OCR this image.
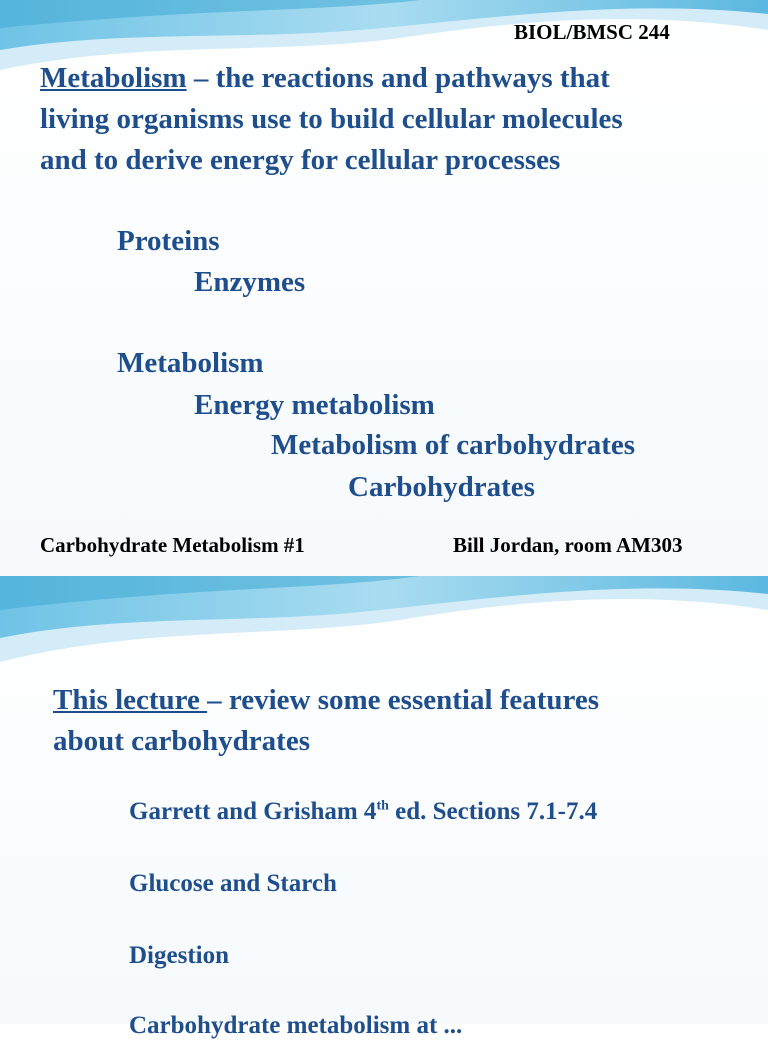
BIOL/BMSC 244
Metabolism – the reactions and pathways that
living organisms use to build cellular molecules
and to derive energy for cellular processes
Proteins
Enzymes
Metabolism
Energy metabolism
Metabolism of carbohydrates
Carbohydrates
Carbohydrate Metabolism #1	Bill Jordan, room AM303
This lecture – review some essential features
about carbohydrates
Garrett and Grisham 4th ed. Sections 7.1-7.4
Glucose and Starch
Digestion
Carbohydrate metabolism at ...
